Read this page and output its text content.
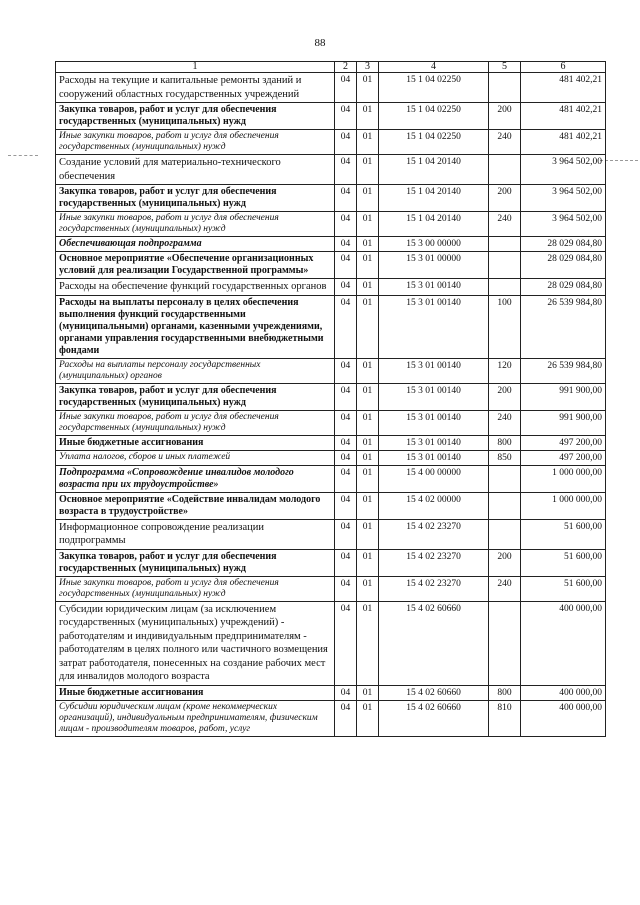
88
1	2	3	4	5	6
Расходы на текущие и капитальные ремонты зданий и сооружений областных государственных учреждений	04	01	15 1 04 02250		481 402,21
Закупка товаров, работ и услуг для обеспечения государственных (муниципальных) нужд	04	01	15 1 04 02250	200	481 402,21
Иные закупки товаров, работ и услуг для обеспечения государственных (муниципальных) нужд	04	01	15 1 04 02250	240	481 402,21
Создание условий для материально-технического обеспечения	04	01	15 1 04 20140		3 964 502,00
Закупка товаров, работ и услуг для обеспечения государственных (муниципальных) нужд	04	01	15 1 04 20140	200	3 964 502,00
Иные закупки товаров, работ и услуг для обеспечения государственных (муниципальных) нужд	04	01	15 1 04 20140	240	3 964 502,00
Обеспечивающая подпрограмма	04	01	15 3 00 00000		28 029 084,80
Основное мероприятие «Обеспечение организационных условий для реализации Государственной программы»	04	01	15 3 01 00000		28 029 084,80
Расходы на обеспечение функций государственных органов	04	01	15 3 01 00140		28 029 084,80
Расходы на выплаты персоналу в целях обеспечения выполнения функций государственными (муниципальными) органами, казенными учреждениями, органами управления государственными внебюджетными фондами	04	01	15 3 01 00140	100	26 539 984,80
Расходы на выплаты персоналу государственных (муниципальных) органов	04	01	15 3 01 00140	120	26 539 984,80
Закупка товаров, работ и услуг для обеспечения государственных (муниципальных) нужд	04	01	15 3 01 00140	200	991 900,00
Иные закупки товаров, работ и услуг для обеспечения государственных (муниципальных) нужд	04	01	15 3 01 00140	240	991 900,00
Иные бюджетные ассигнования	04	01	15 3 01 00140	800	497 200,00
Уплата налогов, сборов и иных платежей	04	01	15 3 01 00140	850	497 200,00
Подпрограмма «Сопровождение инвалидов молодого возраста при их трудоустройстве»	04	01	15 4 00 00000		1 000 000,00
Основное мероприятие «Содействие инвалидам молодого возраста в трудоустройстве»	04	01	15 4 02 00000		1 000 000,00
Информационное сопровождение реализации подпрограммы	04	01	15 4 02 23270		51 600,00
Закупка товаров, работ и услуг для обеспечения государственных (муниципальных) нужд	04	01	15 4 02 23270	200	51 600,00
Иные закупки товаров, работ и услуг для обеспечения государственных (муниципальных) нужд	04	01	15 4 02 23270	240	51 600,00
Субсидии юридическим лицам (за исключением государственных (муниципальных) учреждений) - работодателям и индивидуальным предпринимателям - работодателям в целях полного или частичного возмещения затрат работодателя, понесенных на создание рабочих мест для инвалидов молодого возраста	04	01	15 4 02 60660		400 000,00
Иные бюджетные ассигнования	04	01	15 4 02 60660	800	400 000,00
Субсидии юридическим лицам (кроме некоммерческих организаций), индивидуальным предпринимателям, физическим лицам - производителям товаров, работ, услуг	04	01	15 4 02 60660	810	400 000,00
